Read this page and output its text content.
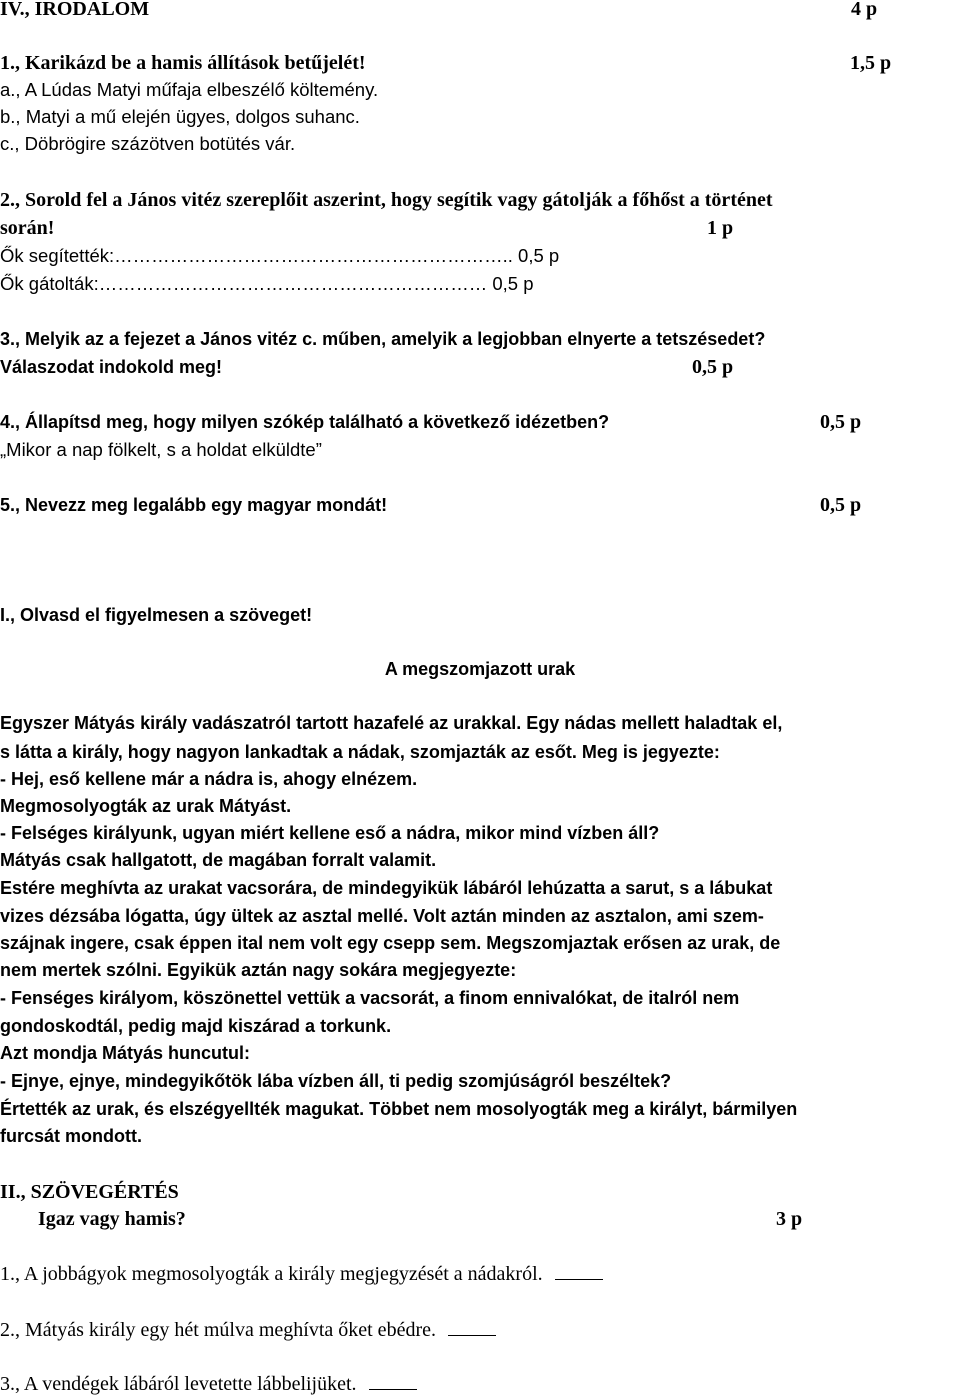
IV., IRODALOM	4 p
1., Karikázd be a hamis állítások betűjelét!	1,5 p
a., A Lúdas Matyi műfaja elbeszélő költemény.
b., Matyi a mű elején ügyes, dolgos suhanc.
c., Döbrögire százötven botütés vár.
2., Sorold fel a János vitéz szereplőit aszerint, hogy segítik vagy gátolják a főhőst a történet
során!	1 p
Ők segítették:……………………………………………………….. 0,5 p
Ők gátolták:……………………………………………………… 0,5 p
3., Melyik az a fejezet a János vitéz c. műben, amelyik a legjobban elnyerte a tetszésedet?
Válaszodat indokold meg!	0,5 p
4., Állapítsd meg, hogy milyen szókép található a következő idézetben?	0,5 p
„Mikor a nap fölkelt, s a holdat elküldte”
5., Nevezz meg legalább egy magyar mondát!	0,5 p
I., Olvasd el figyelmesen a szöveget!
A megszomjazott urak
Egyszer Mátyás király vadászatról tartott hazafelé az urakkal. Egy nádas mellett haladtak el,
s látta a király, hogy nagyon lankadtak a nádak, szomjazták az esőt. Meg is jegyezte:
- Hej, eső kellene már a nádra is, ahogy elnézem.
Megmosolyogták az urak Mátyást.
- Felséges királyunk, ugyan miért kellene eső a nádra, mikor mind vízben áll?
Mátyás csak hallgatott, de magában forralt valamit.
Estére meghívta az urakat vacsorára, de mindegyikük lábáról lehúzatta a sarut, s a lábukat
vizes dézsába lógatta, úgy ültek az asztal mellé. Volt aztán minden az asztalon, ami szem-
szájnak ingere, csak éppen ital nem volt egy csepp sem. Megszomjaztak erősen az urak, de
nem mertek szólni. Egyikük aztán nagy sokára megjegyezte:
- Fenséges királyom, köszönettel vettük a vacsorát, a finom ennivalókat, de italról nem
gondoskodtál, pedig majd kiszárad a torkunk.
Azt mondja Mátyás huncutul:
- Ejnye, ejnye, mindegyikőtök lába vízben áll, ti pedig szomjúságról beszéltek?
Értették az urak, és elszégyellték magukat. Többet nem mosolyogták meg a királyt, bármilyen
furcsát mondott.
II., SZÖVEGÉRTÉS
Igaz vagy hamis?	3 p
1., A jobbágyok megmosolyogták a király megjegyzését a nádakról.
2., Mátyás király egy hét múlva meghívta őket ebédre.
3., A vendégek lábáról levetette lábbelijüket.
